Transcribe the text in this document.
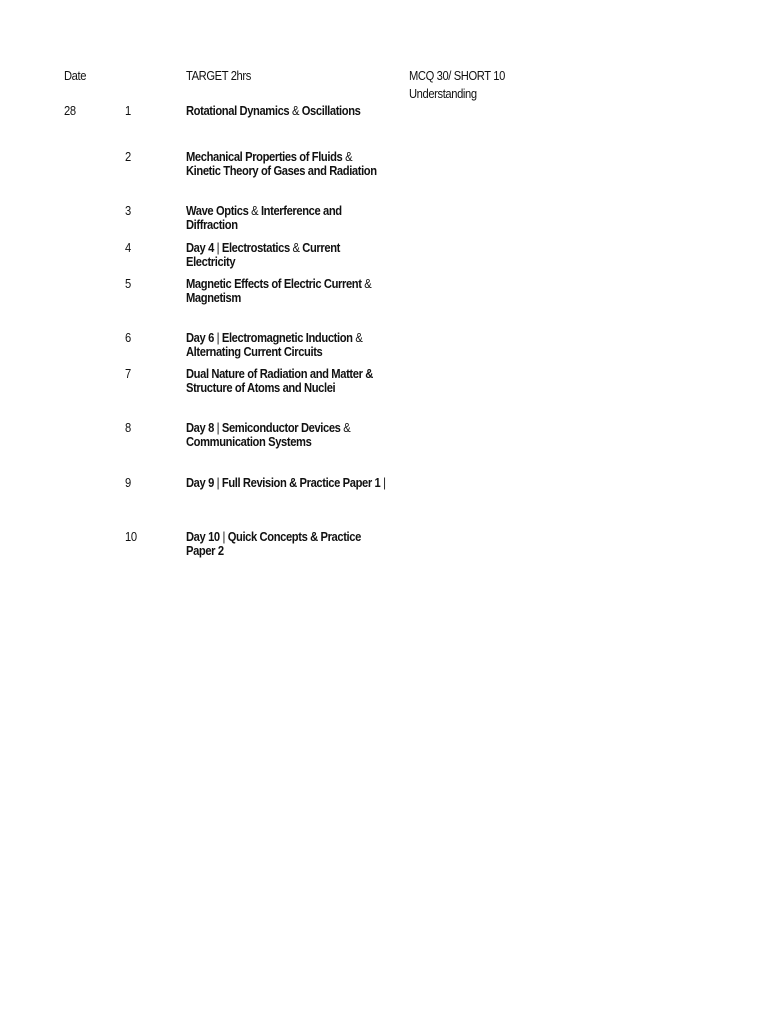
Date	TARGET 2hrs	MCQ 30/ SHORT 10
Understanding
28	1	Rotational Dynamics & Oscillations
2	Mechanical Properties of Fluids &
Kinetic Theory of Gases and Radiation
3	Wave Optics & Interference and
Diffraction
4	Day 4 | Electrostatics & Current
Electricity
5	Magnetic Effects of Electric Current &
Magnetism
6	Day 6 | Electromagnetic Induction &
Alternating Current Circuits
7	Dual Nature of Radiation and Matter &
Structure of Atoms and Nuclei
8	Day 8 | Semiconductor Devices &
Communication Systems
9	Day 9 | Full Revision & Practice Paper 1 |
10	Day 10 | Quick Concepts & Practice
Paper 2
